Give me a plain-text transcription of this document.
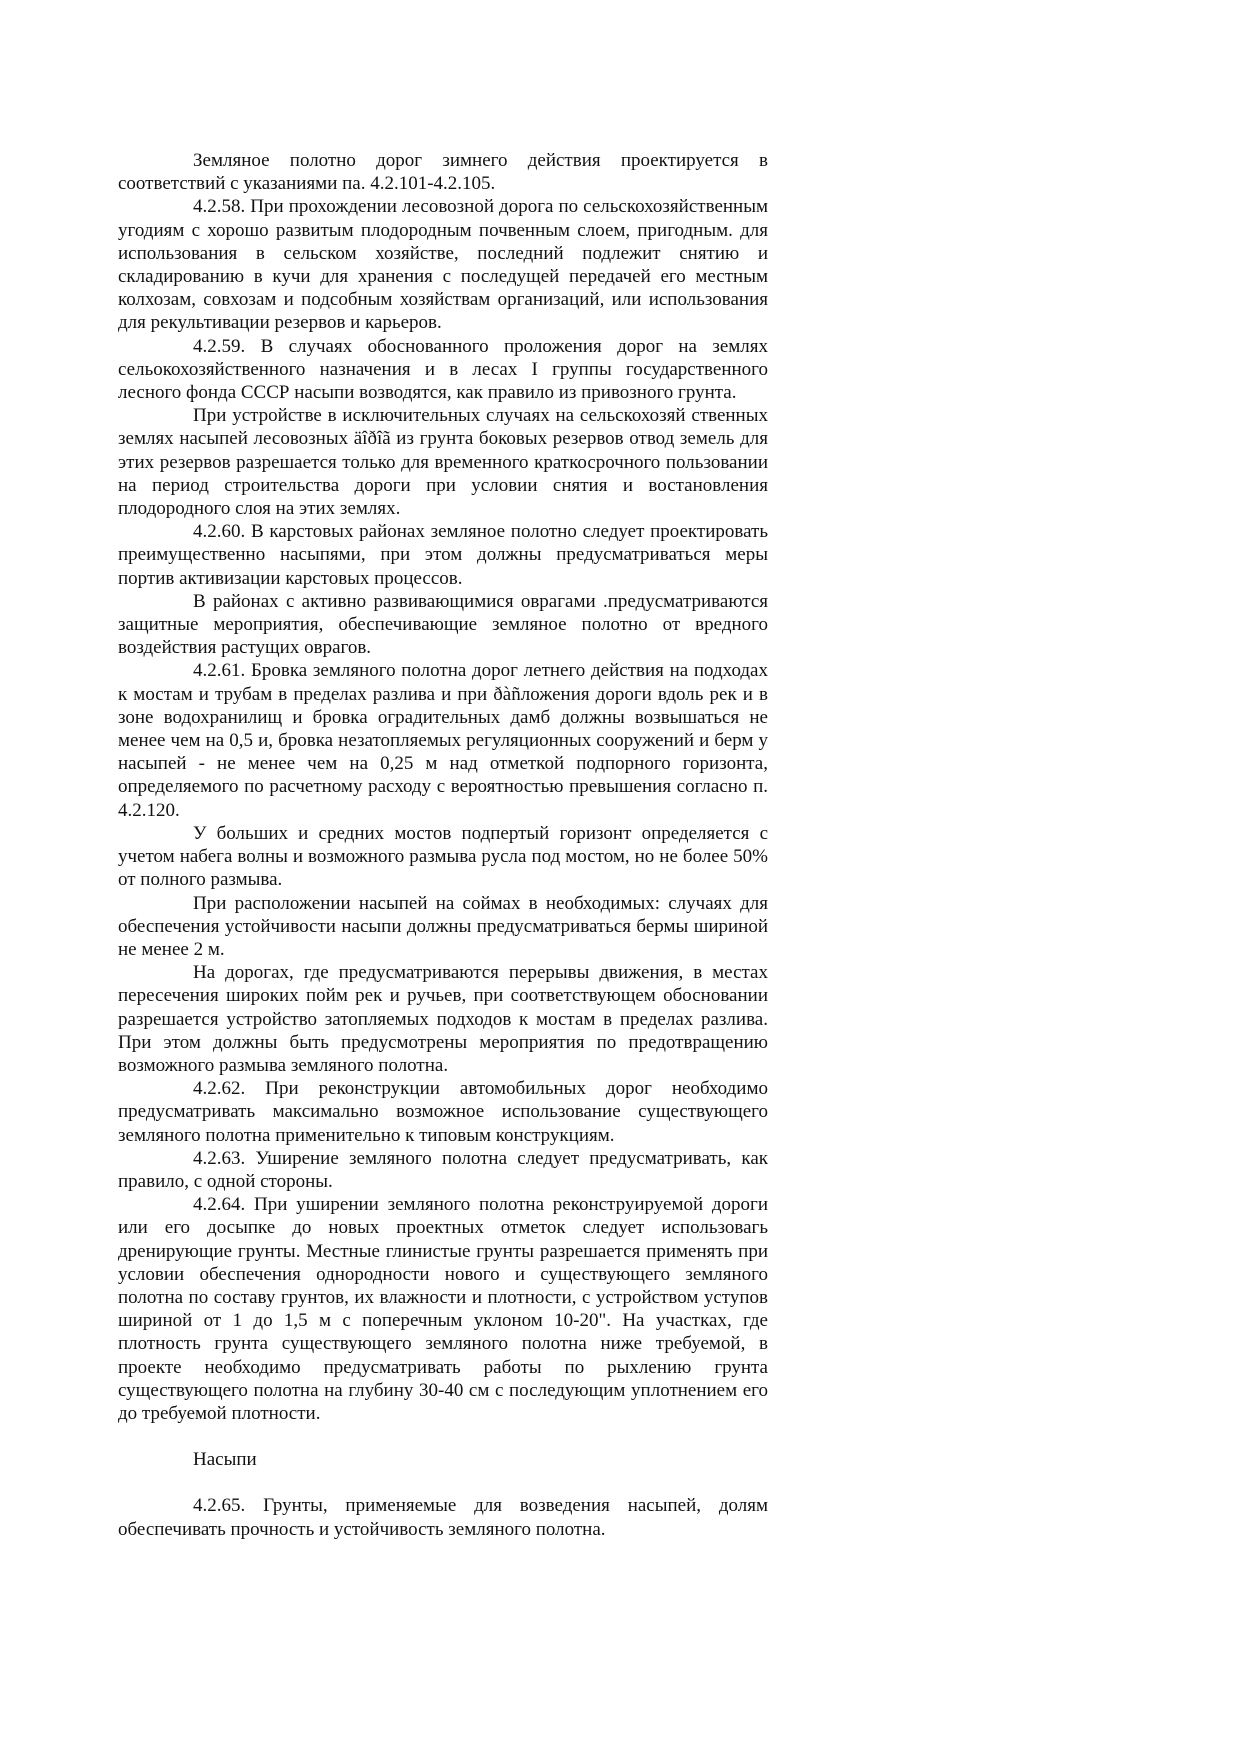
Земляное полотно дорог зимнего действия проектируется в соответствий с указаниями па. 4.2.101-4.2.105.

4.2.58. При прохождении лесовозной дорога по сельскохозяйственным угодиям с хорошо развитым плодородным почвенным слоем, пригодным. для использования в сельском хозяйстве, последний подлежит снятию и складированию в кучи для хранения с последущей передачей его местным колхозам, совхозам и подсобным хозяйствам организаций, или использования для рекультивации резервов и карьеров.

4.2.59. В случаях обоснованного проложения дорог на землях сельокохозяйственного назначения и в лесах I группы государственного лесного фонда СССР насыпи возводятся, как правило из привозного грунта.

При устройстве в исключительных случаях на сельскохозяй ственных землях насыпей лесовозных äîðîã из грунта боковых резервов отвод земель для этих резервов разрешается только для временного краткосрочного пользовании на период строительства дороги при условии снятия и востановления плодородного слоя на этих землях.

4.2.60. В карстовых районах земляное полотно следует проектировать преимущественно насыпями, при этом должны предусматриваться меры портив активизации карстовых процессов.

В районах с активно развивающимися оврагами .предусматриваются защитные мероприятия, обеспечивающие земляное полотно от вредного воздействия растущих оврагов.

4.2.61. Бровка земляного полотна дорог летнего действия на подходах к мостам и трубам в пределах разлива и при ðàñложения дороги вдоль рек и в зоне водохранилищ и бровка оградительных дамб должны возвышаться не менее чем на 0,5 и, бровка незатопляемых регуляционных сооружений и берм у насыпей - не менее чем на 0,25 м над отметкой подпорного горизонта, определяемого по расчетному расходу с вероятностью превышения согласно п. 4.2.120.

У больших и средних мостов подпертый горизонт определяется с учетом набега волны и возможного размыва русла под мостом, но не более 50% от полного размыва.

При расположении насыпей на соймах в необходимых: случаях для обеспечения устойчивости насыпи должны предусматриваться бермы шириной не менее 2 м.

На дорогах, где предусматриваются перерывы движения, в местах пересечения широких пойм рек и ручьев, при соответствующем обосновании разрешается устройство затопляемых подходов к мостам в пределах разлива. При этом должны быть предусмотрены мероприятия по предотвращению возможного размыва земляного полотна.

4.2.62. При реконструкции автомобильных дорог необходимо предусматривать максимально возможное использование существующего земляного полотна применительно к типовым конструкциям.

4.2.63. Уширение земляного полотна следует предусматривать, как правило, с одной стороны.

4.2.64. При уширении земляного полотна реконструируемой дороги или его досыпке до новых проектных отметок следует использовагь дренирующие грунты. Местные глинистые грунты разрешается применять при условии обеспечения однородности нового и существующего земляного полотна по составу грунтов, их влажности и плотности, с устройством уступов шириной от 1 до 1,5 м с поперечным уклоном 10-20". На участках, где плотность грунта существующего земляного полотна ниже требуемой, в проекте необходимо предусматривать работы по рыхлению грунта существующего полотна на глубину 30-40 см с последующим уплотнением его до требуемой плотности.

Насыпи

4.2.65. Грунты, применяемые для возведения насыпей, долям обеспечивать прочность и устойчивость земляного полотна.
